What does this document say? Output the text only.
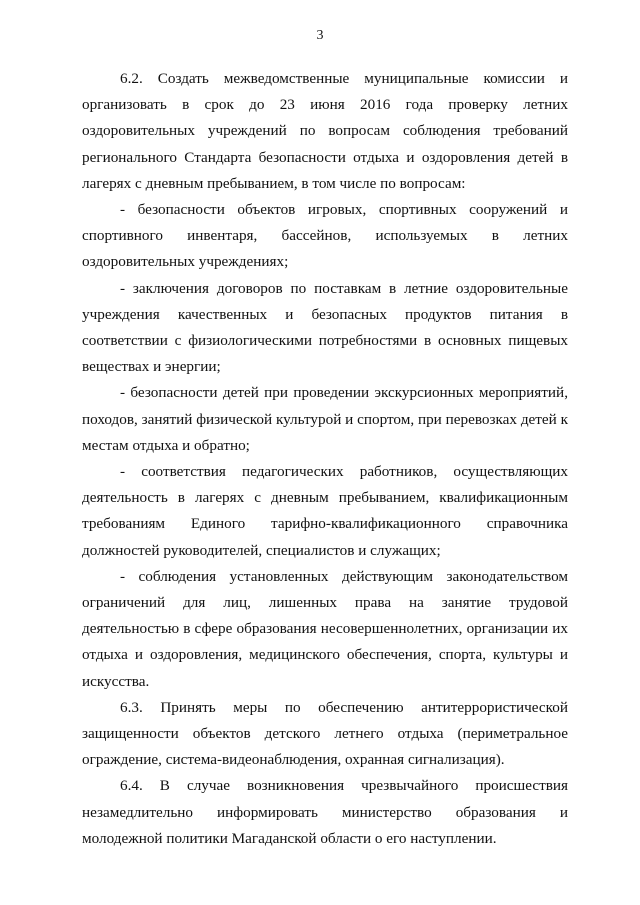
3

6.2. Создать межведомственные муниципальные комиссии и организовать в срок до 23 июня 2016 года проверку летних оздоровительных учреждений по вопросам соблюдения требований регионального Стандарта безопасности отдыха и оздоровления детей в лагерях с дневным пребыванием, в том числе по вопросам:

- безопасности объектов игровых, спортивных сооружений и спортивного инвентаря, бассейнов, используемых в летних оздоровительных учреждениях;

- заключения договоров по поставкам в летние оздоровительные учреждения качественных и безопасных продуктов питания в соответствии с физиологическими потребностями в основных пищевых веществах и энергии;

- безопасности детей при проведении экскурсионных мероприятий, походов, занятий физической культурой и спортом, при перевозках детей к местам отдыха и обратно;

- соответствия педагогических работников, осуществляющих деятельность в лагерях с дневным пребыванием, квалификационным требованиям Единого тарифно-квалификационного справочника должностей руководителей, специалистов и служащих;

- соблюдения установленных действующим законодательством ограничений для лиц, лишенных права на занятие трудовой деятельностью в сфере образования несовершеннолетних, организации их отдыха и оздоровления, медицинского обеспечения, спорта, культуры и искусства.

6.3. Принять меры по обеспечению антитеррористической защищенности объектов детского летнего отдыха (периметральное ограждение, система-видеонаблюдения, охранная сигнализация).

6.4. В случае возникновения чрезвычайного происшествия незамедлительно информировать министерство образования и молодежной политики Магаданской области о его наступлении.
